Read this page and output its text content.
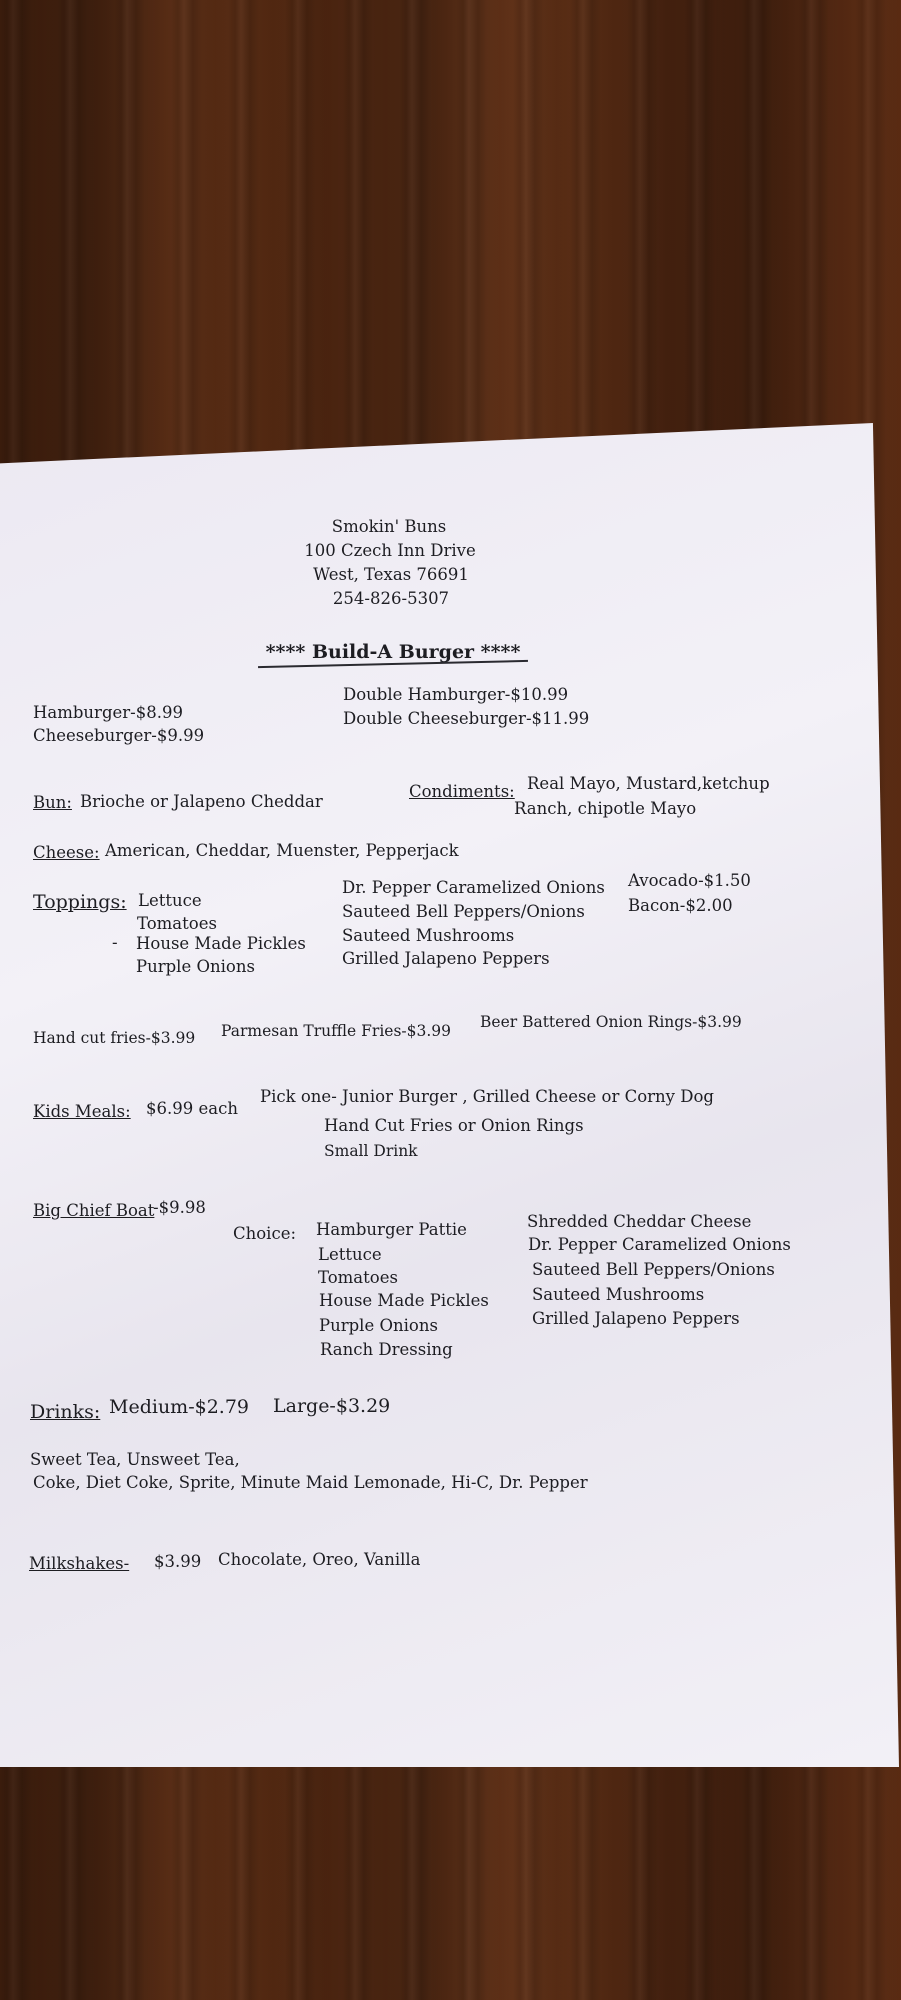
Smokin' Buns
100 Czech Inn Drive
West, Texas 76691
254-826-5307
**** Build-A Burger ****
Hamburger-$8.99
Cheeseburger-$9.99
Double Hamburger-$10.99
Double Cheeseburger-$11.99
Bun: Brioche or Jalapeno Cheddar
Condiments: Real Mayo, Mustard,ketchup
Ranch, chipotle Mayo
Cheese: American, Cheddar, Muenster, Pepperjack
Toppings: Lettuce
Tomatoes
- House Made Pickles
Purple Onions
Dr. Pepper Caramelized Onions
Sauteed Bell Peppers/Onions
Sauteed Mushrooms
Grilled Jalapeno Peppers
Avocado-$1.50
Bacon-$2.00
Hand cut fries-$3.99 Parmesan Truffle Fries-$3.99 Beer Battered Onion Rings-$3.99
Kids Meals: $6.99 each
Pick one- Junior Burger , Grilled Cheese or Corny Dog
Hand Cut Fries or Onion Rings
Small Drink
Big Chief Boat
-$9.98
Choice: Hamburger Pattie
Lettuce
Tomatoes
House Made Pickles
Purple Onions
Ranch Dressing
Shredded Cheddar Cheese
Dr. Pepper Caramelized Onions
Sauteed Bell Peppers/Onions
Sauteed Mushrooms
Grilled Jalapeno Peppers
Drinks: Medium-$2.79 Large-$3.29
Sweet Tea, Unsweet Tea,
Coke, Diet Coke, Sprite, Minute Maid Lemonade, Hi-C, Dr. Pepper
Milkshakes- $3.99 Chocolate, Oreo, Vanilla
